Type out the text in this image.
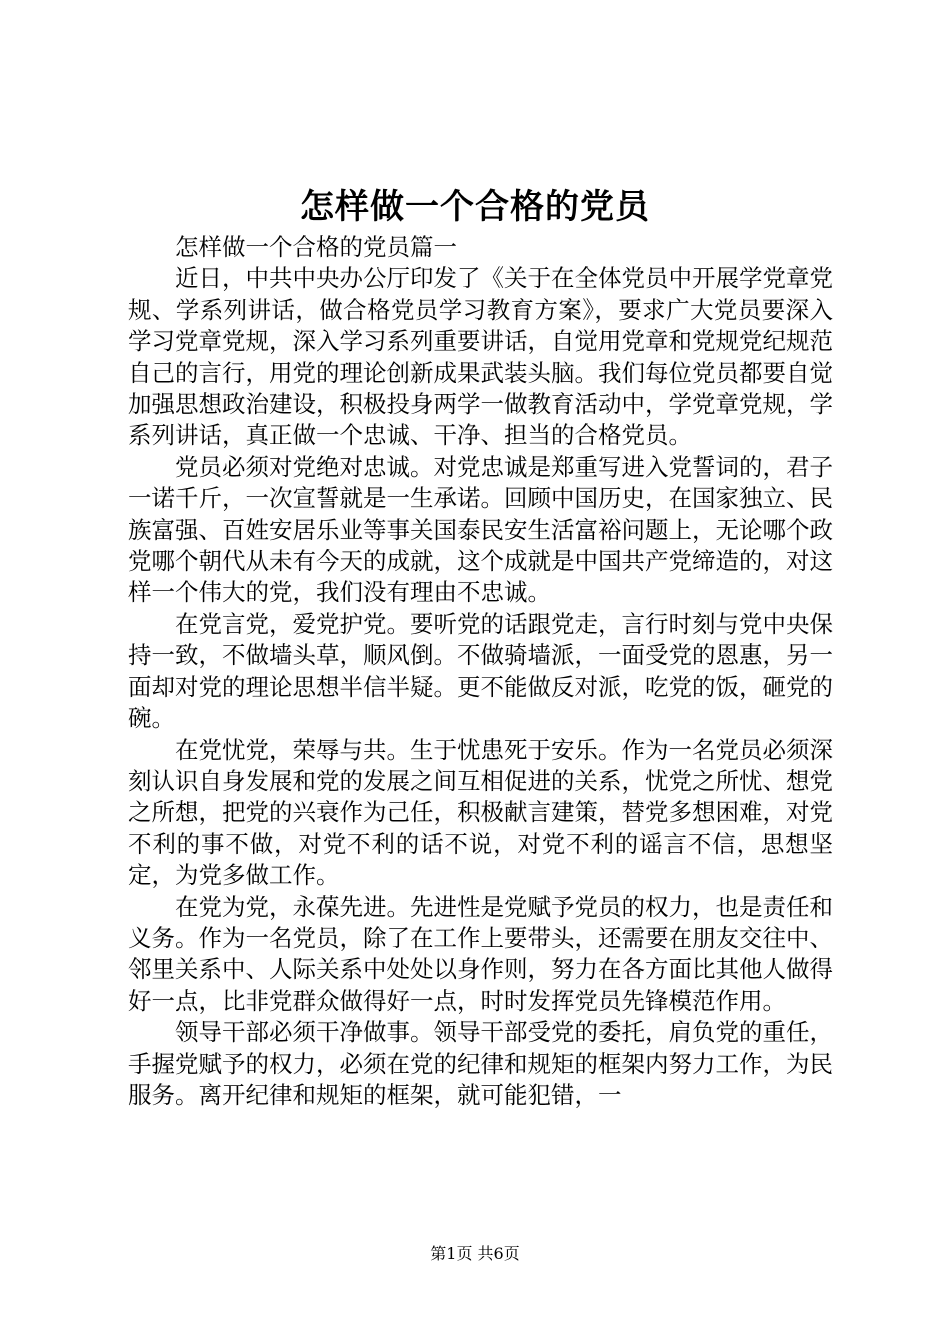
怎样做一个合格的党员

怎样做一个合格的党员篇一

近日，中共中央办公厅印发了《关于在全体党员中开展学党章党规、学系列讲话，做合格党员学习教育方案》，要求广大党员要深入学习党章党规，深入学习系列重要讲话，自觉用党章和党规党纪规范自己的言行，用党的理论创新成果武装头脑。我们每位党员都要自觉加强思想政治建设，积极投身两学一做教育活动中，学党章党规，学系列讲话，真正做一个忠诚、干净、担当的合格党员。

党员必须对党绝对忠诚。对党忠诚是郑重写进入党誓词的，君子一诺千斤，一次宣誓就是一生承诺。回顾中国历史，在国家独立、民族富强、百姓安居乐业等事关国泰民安生活富裕问题上，无论哪个政党哪个朝代从未有今天的成就，这个成就是中国共产党缔造的，对这样一个伟大的党，我们没有理由不忠诚。

在党言党，爱党护党。要听党的话跟党走，言行时刻与党中央保持一致，不做墙头草，顺风倒。不做骑墙派，一面受党的恩惠，另一面却对党的理论思想半信半疑。更不能做反对派，吃党的饭，砸党的碗。

在党忧党，荣辱与共。生于忧患死于安乐。作为一名党员必须深刻认识自身发展和党的发展之间互相促进的关系，忧党之所忧、想党之所想，把党的兴衰作为己任，积极献言建策，替党多想困难，对党不利的事不做，对党不利的话不说，对党不利的谣言不信，思想坚定，为党多做工作。

在党为党，永葆先进。先进性是党赋予党员的权力，也是责任和义务。作为一名党员，除了在工作上要带头，还需要在朋友交往中、邻里关系中、人际关系中处处以身作则，努力在各方面比其他人做得好一点，比非党群众做得好一点，时时发挥党员先锋模范作用。

领导干部必须干净做事。领导干部受党的委托，肩负党的重任，手握党赋予的权力，必须在党的纪律和规矩的框架内努力工作，为民服务。离开纪律和规矩的框架，就可能犯错，一

第1页 共6页
